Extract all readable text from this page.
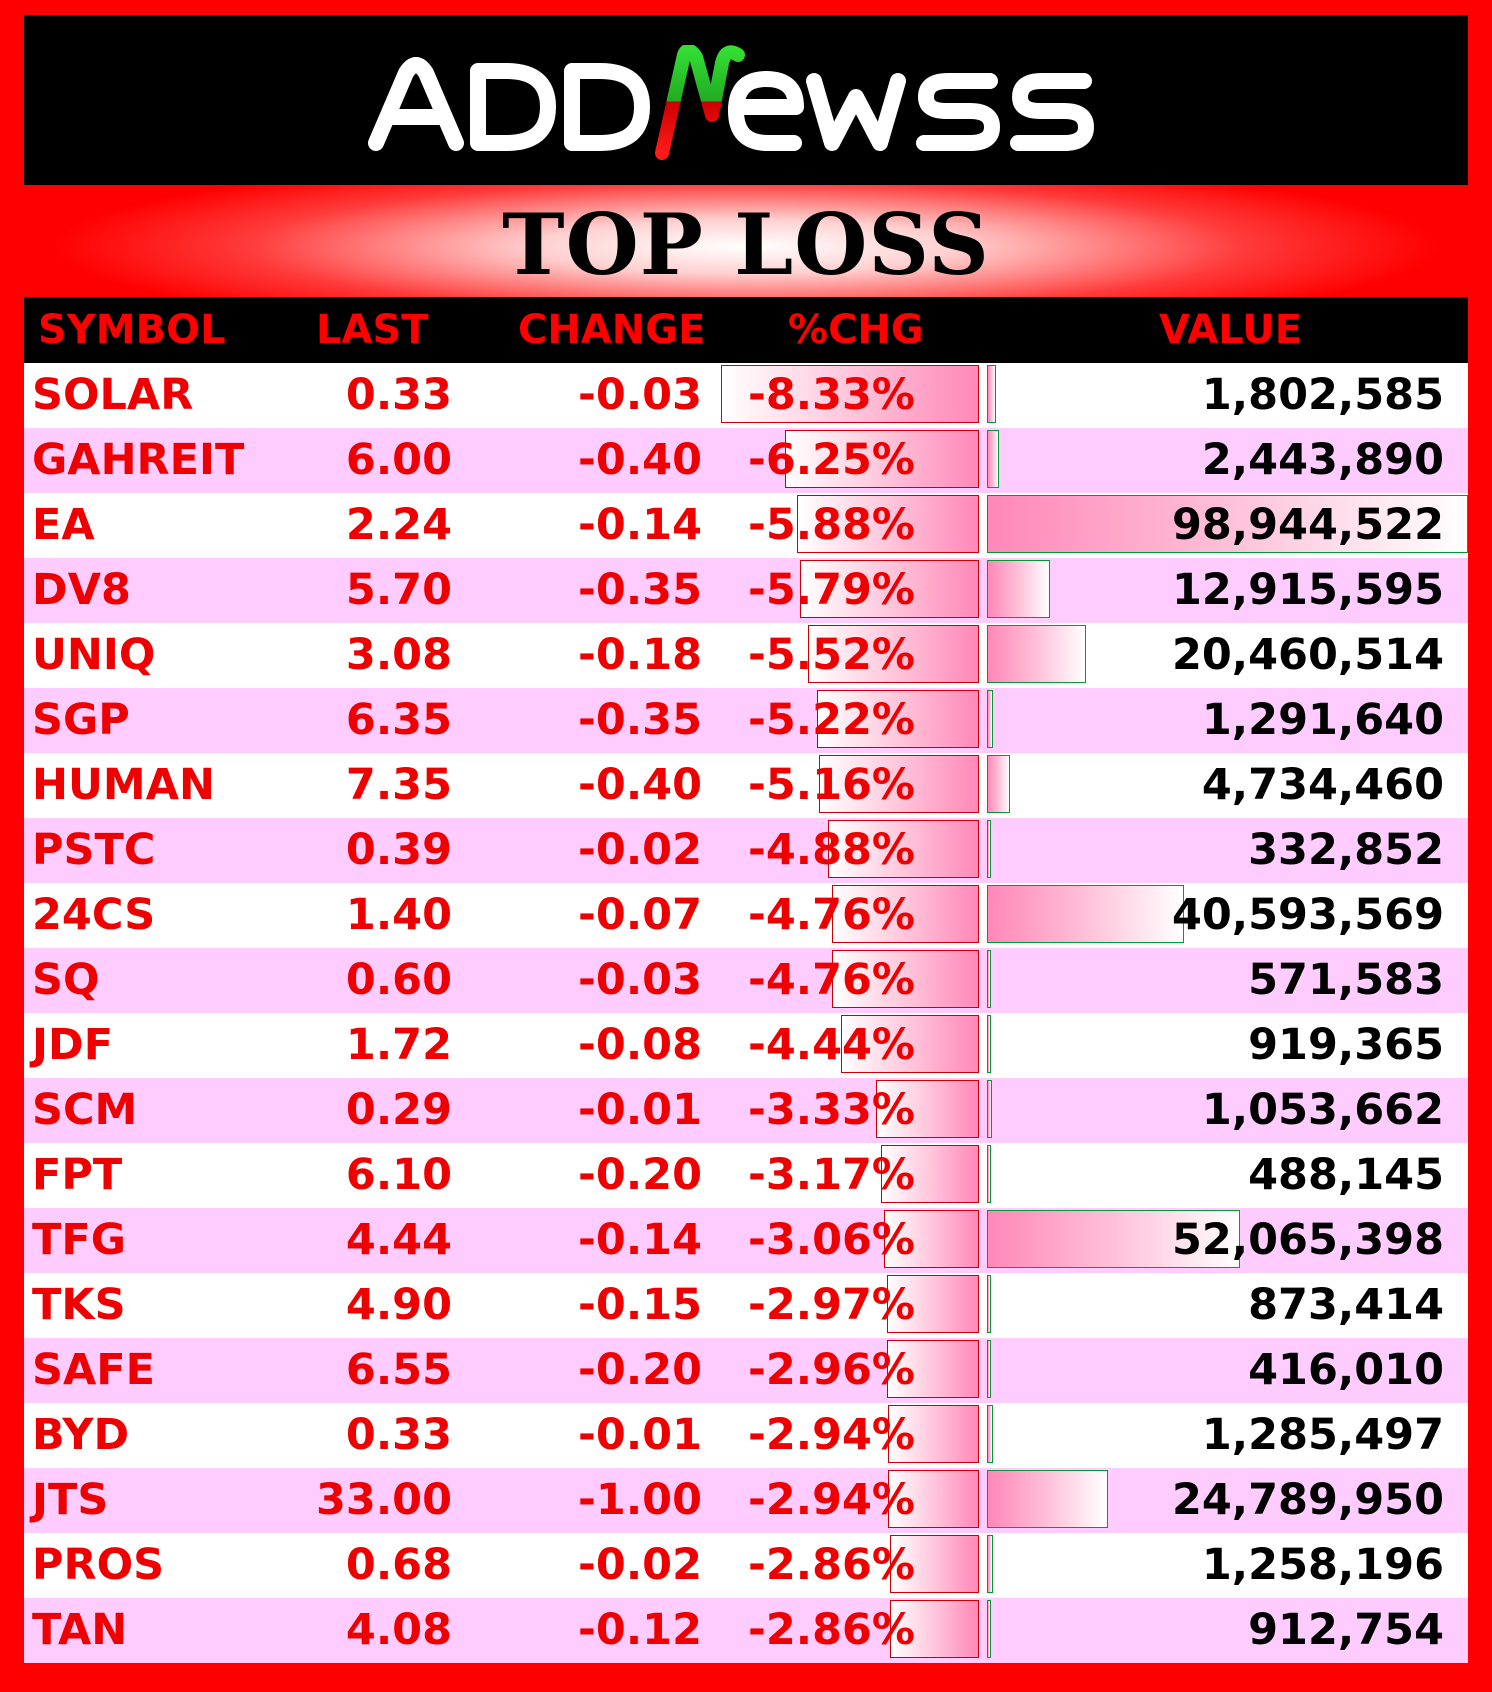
TOP LOSS
SYMBOL LAST CHANGE %CHG	VALUE
SOLAR	0.33	-0.03 -8.33%	1,802,585
GAHREIT 6.00	-0.40 -6.25%	2,443,890
EA	2.24	-0.14 -5.88%	98,944,522
DV8	5.70	-0.35 -5.79%	12,915,595
UNIQ	3.08	-0.18 -5.52%	20,460,514
SGP	6.35	-0.35 -5.22%	1,291,640
HUMAN	7.35	-0.40 -5.16%	4,734,460
PSTC	0.39	-0.02 -4.88%	332,852
24CS	1.40	-0.07 -4.76%	40,593,569
SQ	0.60	-0.03 -4.76%	571,583
JDF	1.72	-0.08 -4.44%	919,365
SCM	0.29	-0.01 -3.33%	1,053,662
FPT	6.10	-0.20 -3.17%	488,145
TFG	4.44	-0.14 -3.06%	52,065,398
TKS	4.90	-0.15 -2.97%	873,414
SAFE	6.55	-0.20 -2.96%	416,010
BYD	0.33	-0.01 -2.94%	1,285,497
JTS	33.00	-1.00 -2.94%	24,789,950
PROS	0.68	-0.02 -2.86%	1,258,196
TAN	4.08	-0.12 -2.86%	912,754
